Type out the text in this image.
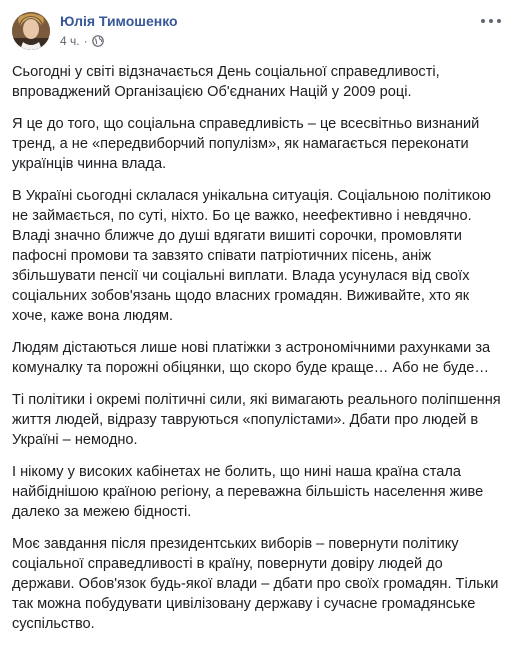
Юлія Тимошенко
4 ч. ·

Сьогодні у світі відзначається День соціальної справедливості, впроваджений Організацією Об'єднаних Націй у 2009 році.

Я це до того, що соціальна справедливість – це всесвітньо визнаний тренд, а не «передвиборчий популізм», як намагається переконати українців чинна влада.

В Україні сьогодні склалася унікальна ситуація. Соціальною політикою не займається, по суті, ніхто. Бо це важко, неефективно і невдячно. Владі значно ближче до душі вдягати вишиті сорочки, промовляти пафосні промови та завзято співати патріотичних пісень, аніж збільшувати пенсії чи соціальні виплати. Влада усунулася від своїх соціальних зобов'язань щодо власних громадян. Виживайте, хто як хоче, каже вона людям.

Людям дістаються лише нові платіжки з астрономічними рахунками за комуналку та порожні обіцянки, що скоро буде краще… Або не буде…

Ті політики і окремі політичні сили, які вимагають реального поліпшення життя людей, відразу тавруються «популістами». Дбати про людей в Україні – немодно.

І нікому у високих кабінетах не болить, що нині наша країна стала найбіднішою країною регіону, а переважна більшість населення живе далеко за межею бідності.

Моє завдання після президентських виборів – повернути політику соціальної справедливості в країну, повернути довіру людей до держави. Обов'язок будь-якої влади – дбати про своїх громадян. Тільки так можна побудувати цивілізовану державу і сучасне громадянське суспільство.
